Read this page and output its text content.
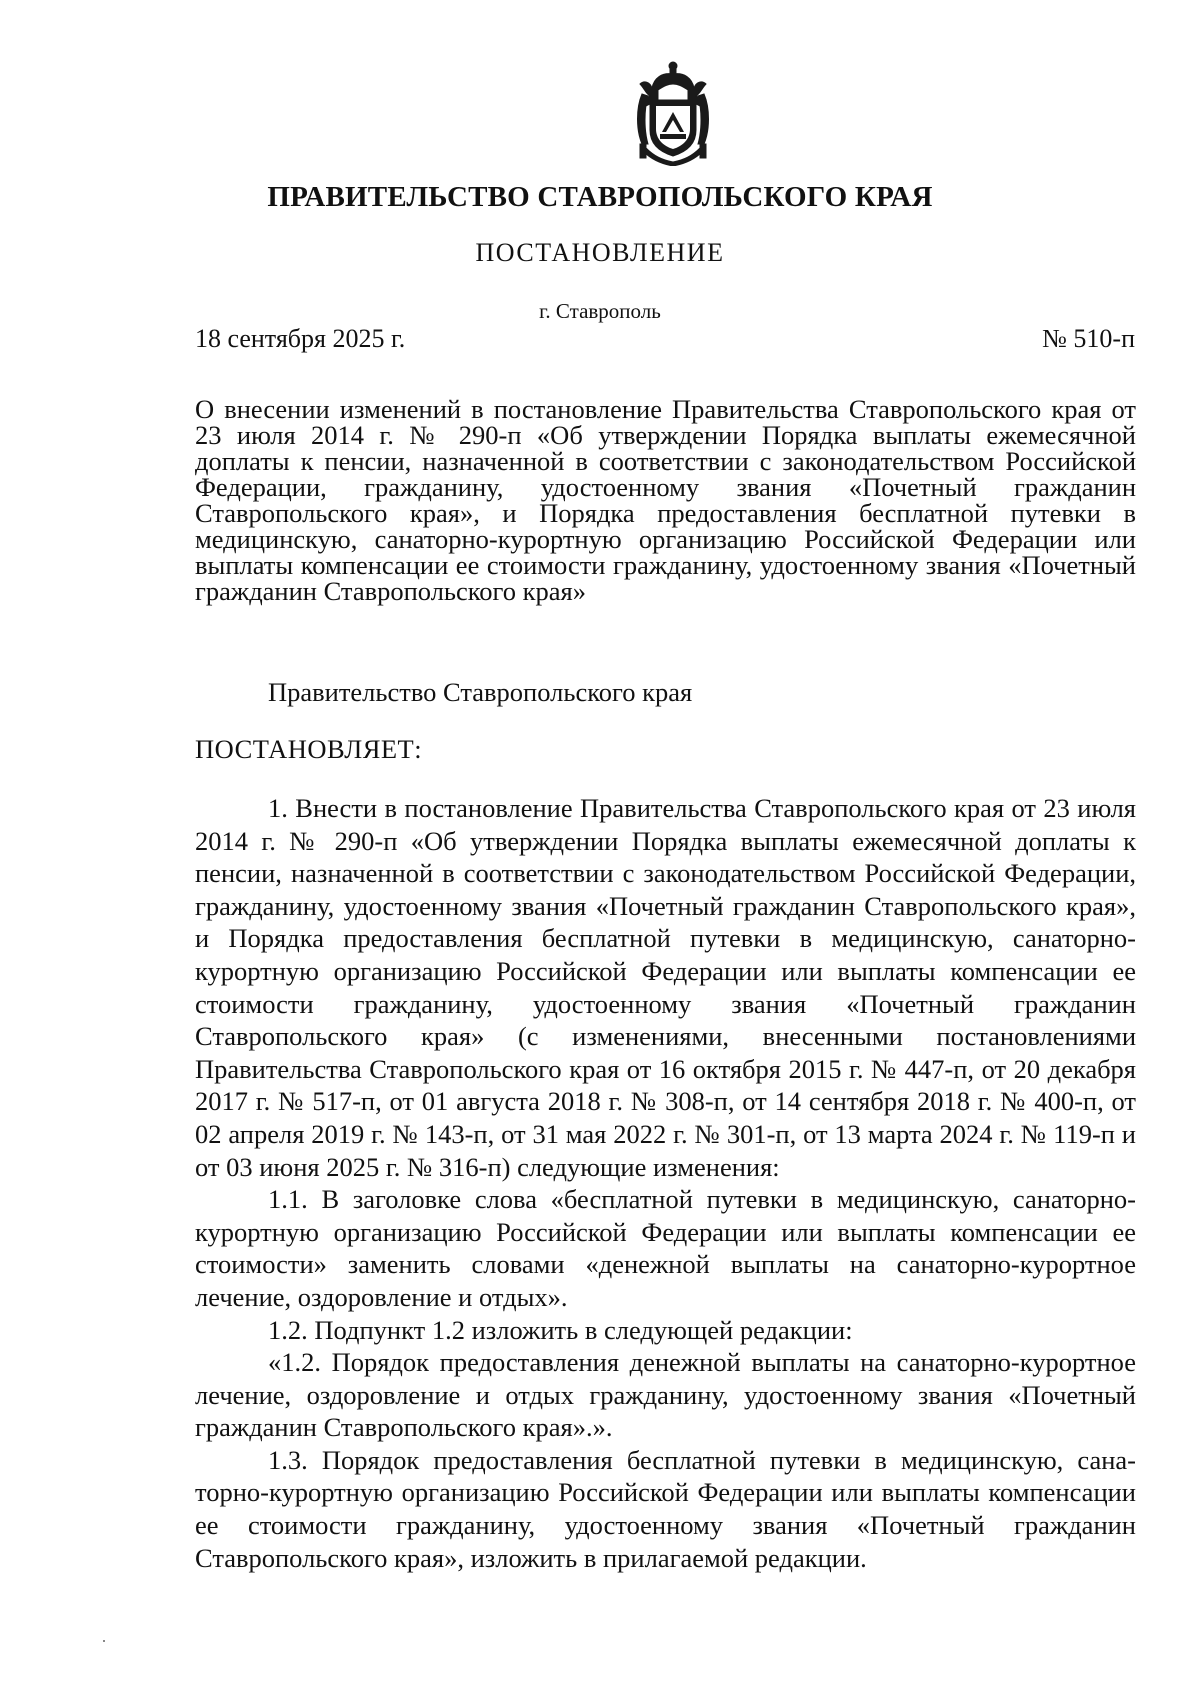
ПРАВИТЕЛЬСТВО СТАВРОПОЛЬСКОГО КРАЯ
ПОСТАНОВЛЕНИЕ
г. Ставрополь
18 сентября 2025 г.	№ 510-п

О внесении изменений в постановление Правительства Ставропольского края от 23 июля 2014 г. № 290-п «Об утверждении Порядка выплаты ежемесячной доплаты к пенсии, назначенной в соответствии с законодательством Российской Федерации, гражданину, удостоенному звания «Почетный гражданин Ставропольского края», и Порядка предоставления бесплатной путевки в медицинскую, санаторно-курортную организацию Российской Федерации или выплаты компенсации ее стоимости гражданину, удостоенному звания «Почетный гражданин Ставропольского края»

Правительство Ставропольского края
ПОСТАНОВЛЯЕТ:

1. Внести в постановление Правительства Ставропольского края от 23 июля 2014 г. № 290-п «Об утверждении Порядка выплаты ежемесячной доплаты к пенсии, назначенной в соответствии с законодательством Российской Федерации, гражданину, удостоенному звания «Почетный гражданин Ставропольского края», и Порядка предоставления бесплатной путевки в медицинскую, санаторно-курортную организацию Российской Федерации или выплаты компенсации ее стоимости гражданину, удостоенному звания «Почетный гражданин Ставропольского края» (с изменениями, внесенными постановлениями Правительства Ставропольского края от 16 октября 2015 г. № 447-п, от 20 декабря 2017 г. № 517-п, от 01 августа 2018 г. № 308-п, от 14 сентября 2018 г. № 400-п, от 02 апреля 2019 г. № 143-п, от 31 мая 2022 г. № 301-п, от 13 марта 2024 г. № 119-п и от 03 июня 2025 г. № 316-п) следующие изменения:

1.1. В заголовке слова «бесплатной путевки в медицинскую, санаторно-курортную организацию Российской Федерации или выплаты компенсации ее стоимости» заменить словами «денежной выплаты на санаторно-курортное лечение, оздоровление и отдых».

1.2. Подпункт 1.2 изложить в следующей редакции:

«1.2. Порядок предоставления денежной выплаты на санаторно-курортное лечение, оздоровление и отдых гражданину, удостоенному звания «Почетный гражданин Ставропольского края».».

1.3. Порядок предоставления бесплатной путевки в медицинскую, санаторно-курортную организацию Российской Федерации или выплаты компенсации ее стоимости гражданину, удостоенному звания «Почетный гражданин Ставропольского края», изложить в прилагаемой редакции.
